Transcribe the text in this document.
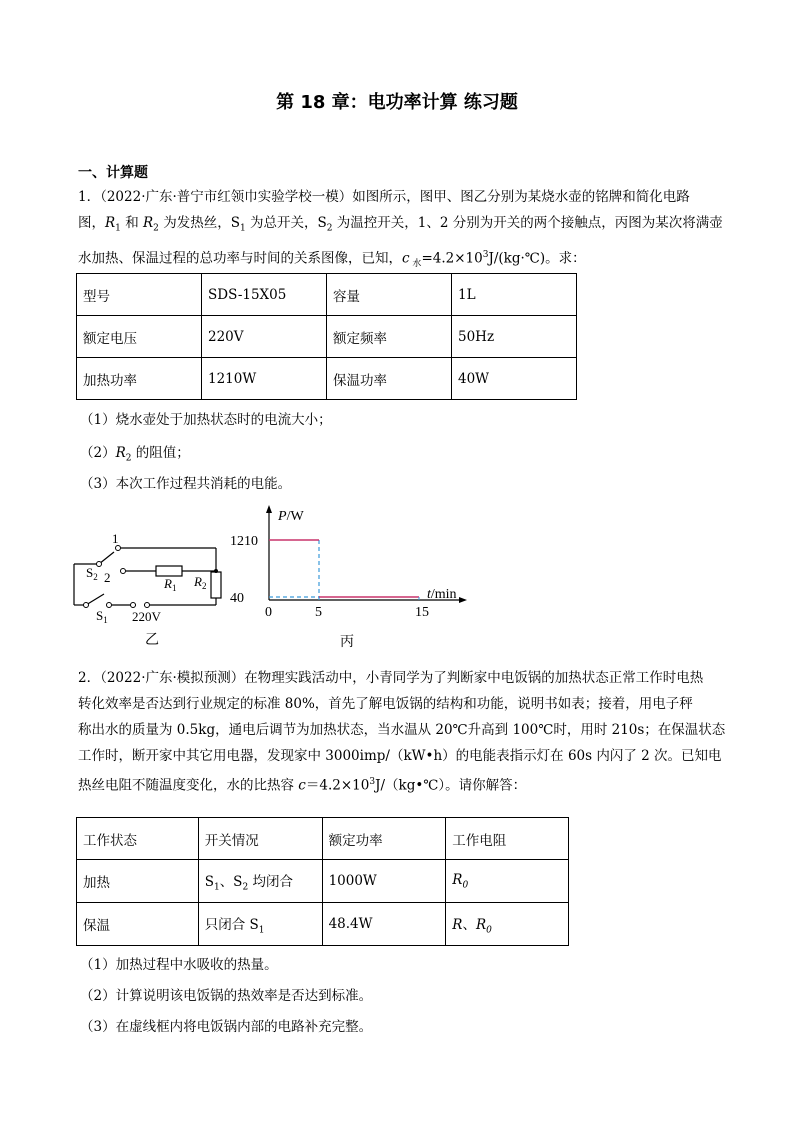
第 18 章：电功率计算 练习题
一、计算题
1．（2022·广东·普宁市红领巾实验学校一模）如图所示，图甲、图乙分别为某烧水壶的铭牌和简化电路
图，$R_1$ 和 $R_2$ 为发热丝，$S_1$ 为总开关，$S_2$ 为温控开关，1、2 分别为开关的两个接触点，丙图为某次将满壶
水加热、保温过程的总功率与时间的关系图像，已知，c $_水=4.2\times 10^3J/(kg\cdot℃)$。求：
型号	SDS-15X05	容量	1L
额定电压	220V	额定频率	50Hz
加热功率	1210W	保温功率	40W
（1）烧水壶处于加热状态时的电流大小；
$(2)R_2$ 的阻值；
（3）本次工作过程共消耗的电能。
1
2
$S_2$	$R_1$ $R_2$
$S_1$ 220V
乙
P/W
t/min
0	5	15
1210
40
丙
2．（2022·广东·模拟预测）在物理实践活动中，小青同学为了判断家中电饭锅的加热状态正常工作时电热
转化效率是否达到行业规定的标准 80%，首先了解电饭锅的结构和功能，说明书如表；接着，用电子秤
称出水的质量为 0.5kg，通电后调节为加热状态，当水温从 20℃升高到 100℃时，用时 210s；在保温状态
工作时，断开家中其它用电器，发现家中 3000imp/（kW•h）的电能表指示灯在 60s 内闪了 2 次。已知电
热丝电阻不随温度变化，水的比热容 $c=4.2\times 10^3J/(kg•℃)$。请你解答：
工作状态	开关情况	额定功率	工作电阻
加热	$S_1$、$S_2$ 均闭合	1000W	$R_0$
保温	只闭合 $S_1$	48.4W	R、$R_0$
（1）加热过程中水吸收的热量。
（2）计算说明该电饭锅的热效率是否达到标准。
（3）在虚线框内将电饭锅内部的电路补充完整。
